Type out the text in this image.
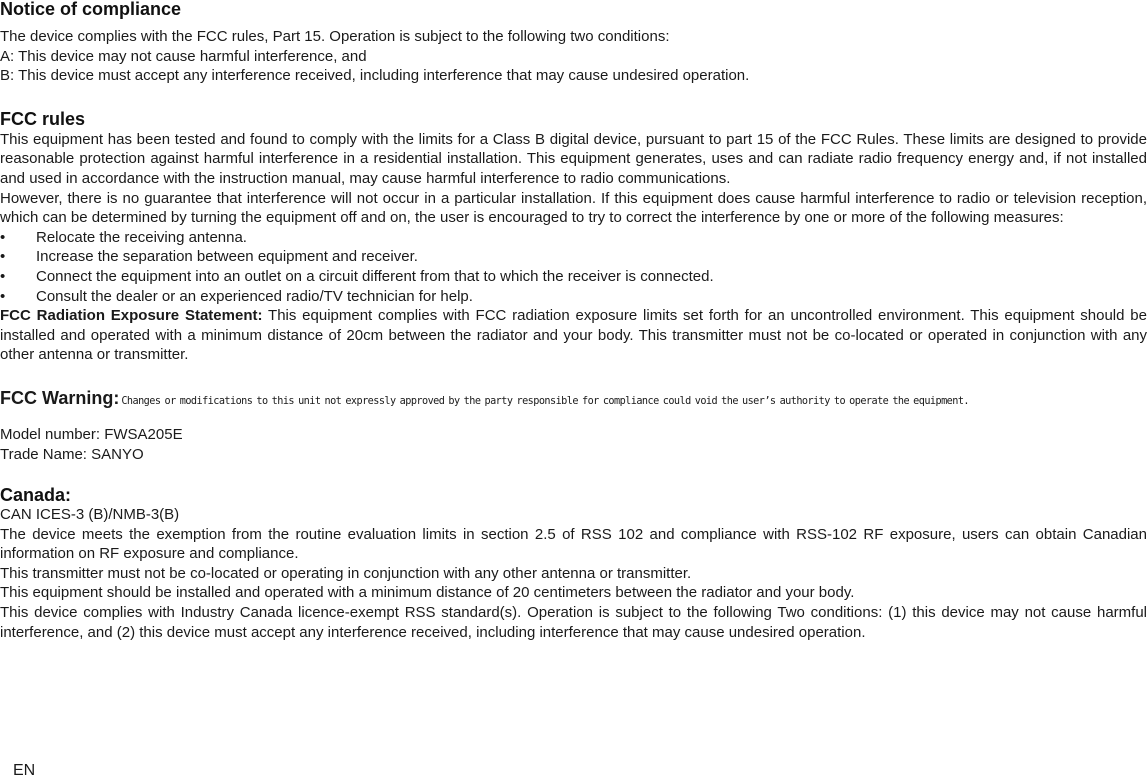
Notice of compliance

The device complies with the FCC rules, Part 15. Operation is subject to the following two conditions:

A: This device may not cause harmful interference, and

B: This device must accept any interference received, including interference that may cause undesired operation.

FCC rules

This equipment has been tested and found to comply with the limits for a Class B digital device, pursuant to part 15 of the FCC Rules. These limits are designed to provide reasonable protection against harmful interference in a residential installation. This equipment generates, uses and can radiate radio frequency energy and, if not installed and used in accordance with the instruction manual, may cause harmful interference to radio communications.

However, there is no guarantee that interference will not occur in a particular installation. If this equipment does cause harmful interference to radio or television reception, which can be determined by turning the equipment off and on, the user is encouraged to try to correct the interference by one or more of the following measures:

•	Relocate the receiving antenna.
•	Increase the separation between equipment and receiver.
•	Connect the equipment into an outlet on a circuit different from that to which the receiver is connected.
•	Consult the dealer or an experienced radio/TV technician for help.

FCC Radiation Exposure Statement: This equipment complies with FCC radiation exposure limits set forth for an uncontrolled environment. This equipment should be installed and operated with a minimum distance of 20cm between the radiator and your body. This transmitter must not be co-located or operated in conjunction with any other antenna or transmitter.

FCC Warning: Changes or modifications to this unit not expressly approved by the party responsible for compliance could void the user’s authority to operate the equipment.

Model number: FWSA205E

Trade Name: SANYO

Canada:

CAN ICES-3 (B)/NMB-3(B)

The device meets the exemption from the routine evaluation limits in section 2.5 of RSS 102 and compliance with RSS-102 RF exposure, users can obtain Canadian information on RF exposure and compliance.

This transmitter must not be co-located or operating in conjunction with any other antenna or transmitter.

This equipment should be installed and operated with a minimum distance of 20 centimeters between the radiator and your body.

This device complies with Industry Canada licence-exempt RSS standard(s). Operation is subject to the following Two conditions: (1) this device may not cause harmful interference, and (2) this device must accept any interference received, including interference that may cause undesired operation.

EN
